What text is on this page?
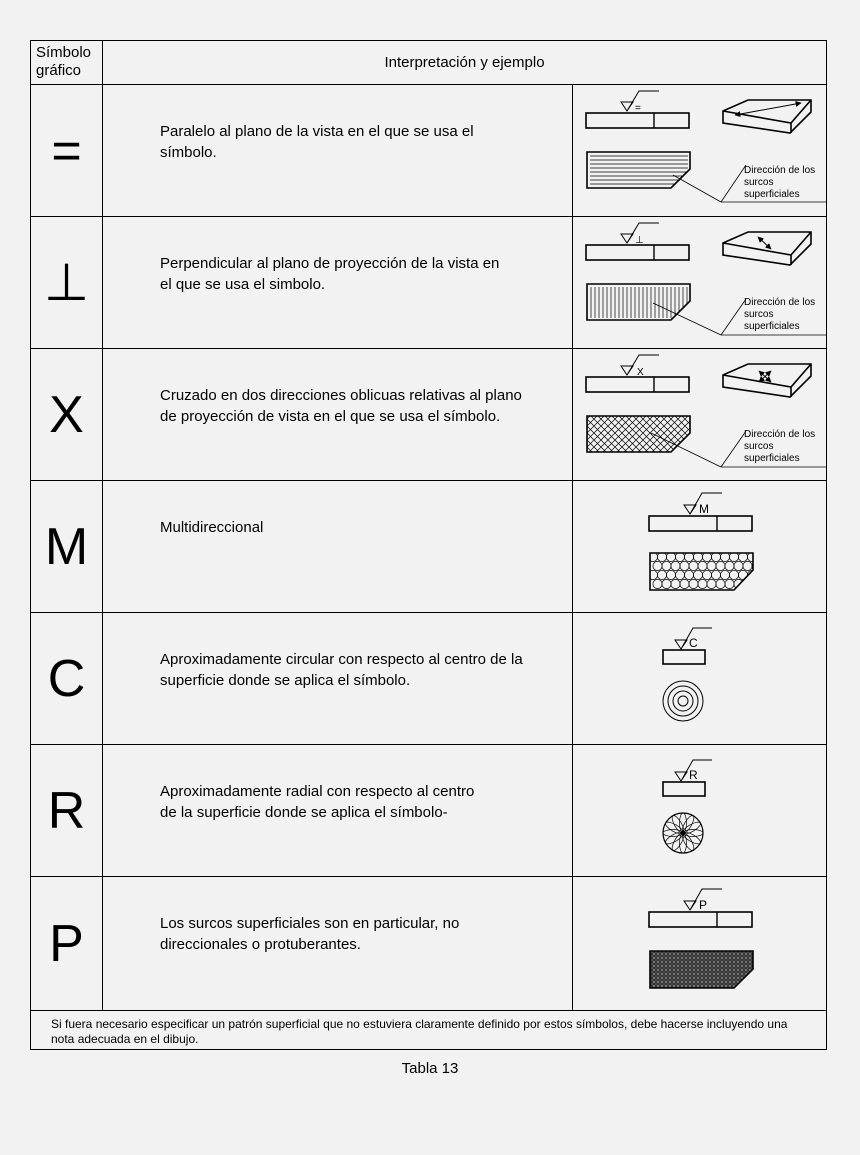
Símbolo
gráfico	Interpretación y ejemplo
=	Paralelo al plano de la vista en el que se usa el
símbolo.
=
Dirección de los
surcos
superficiales
⊥	Perpendicular al plano de proyección de la vista en
el que se usa el simbolo.
⊥
Dirección de los
surcos
superficiales
X	Cruzado en dos direcciones oblicuas relativas al plano
de proyección de vista en el que se usa el símbolo.
X
Dirección de los
surcos
superficiales
M	Multidireccional
M
C	Aproximadamente circular con respecto al centro de la
superficie donde se aplica el símbolo.
C
R	Aproximadamente radial con respecto al centro
de la superficie donde se aplica el símbolo-
R
P	Los surcos superficiales son en particular, no
direccionales o protuberantes.
P
Si fuera necesario especificar un patrón superficial que no estuviera claramente definido por estos símbolos, debe hacerse incluyendo una nota adecuada en el dibujo.
Tabla 13
